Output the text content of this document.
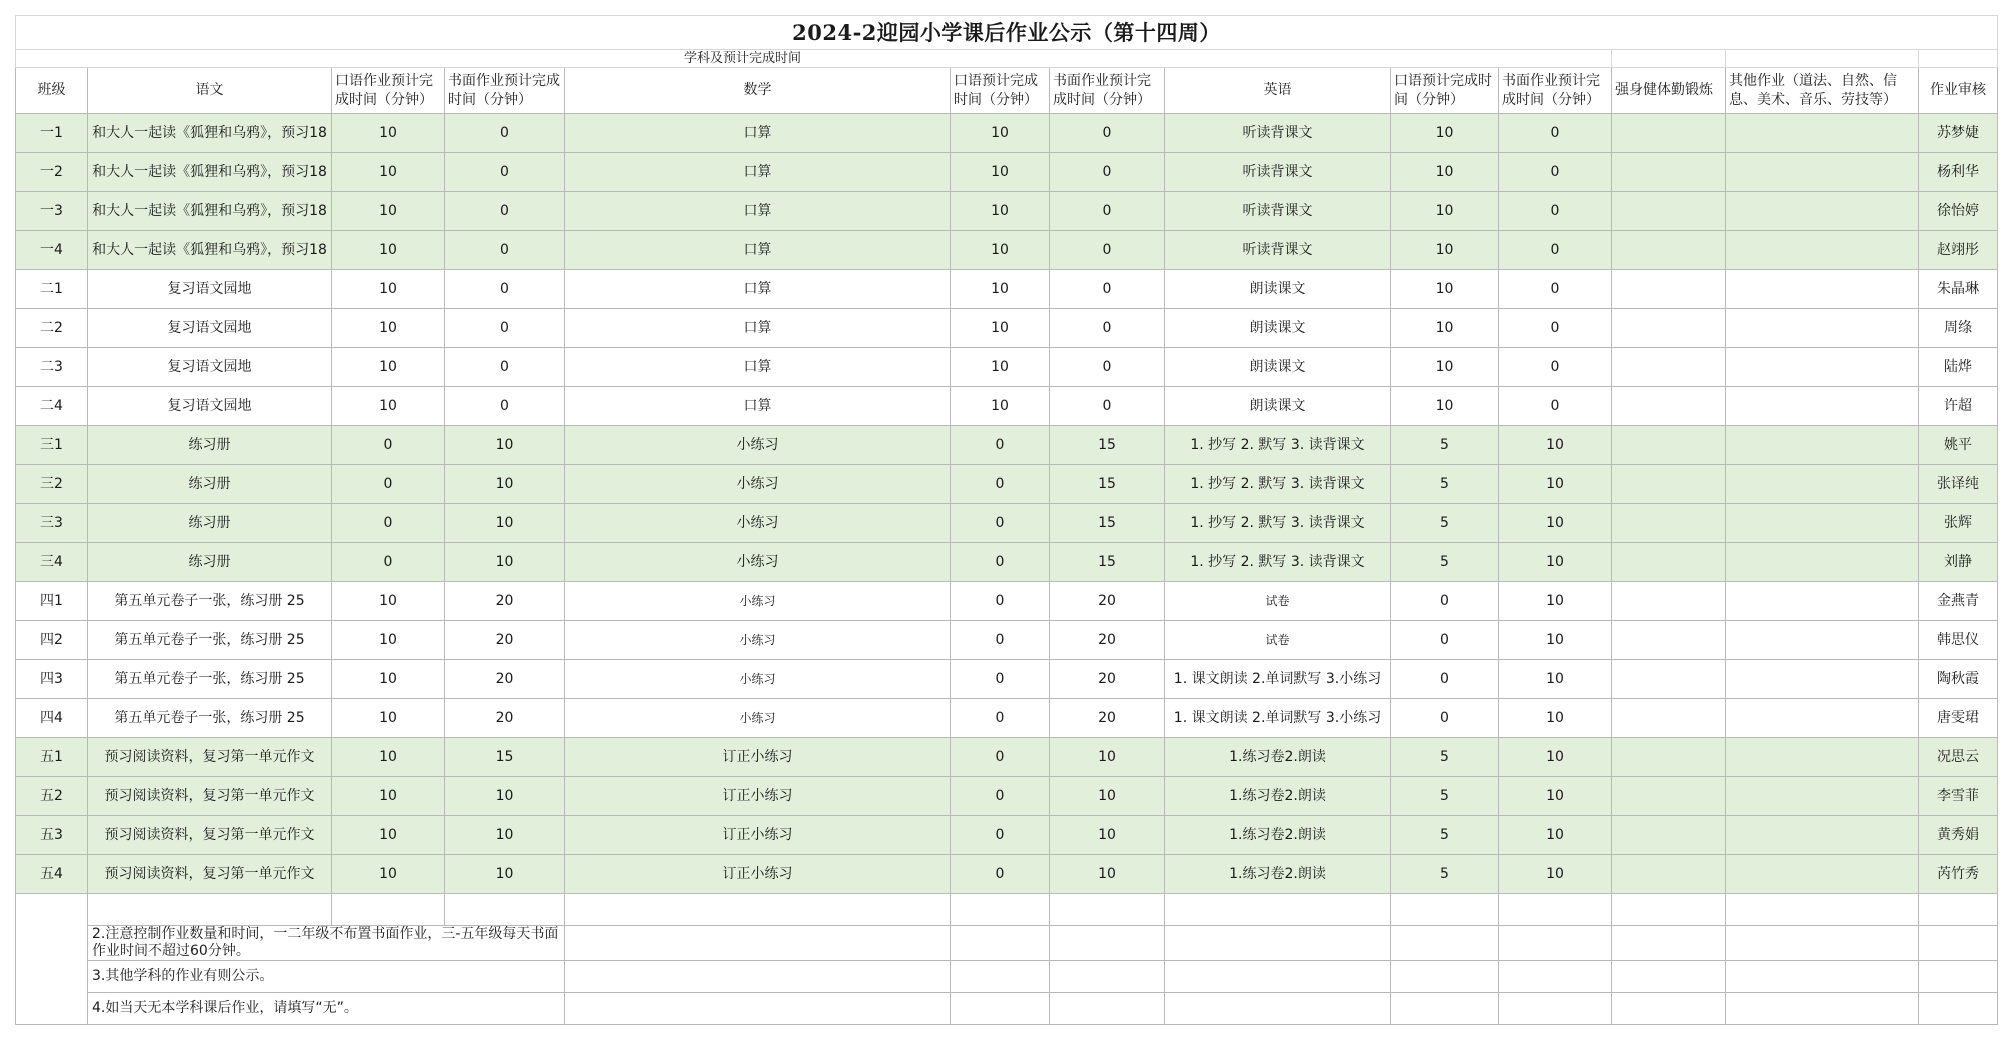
2024-2迎园小学课后作业公示（第十四周）												
学科及预计完成时间												
班级	语文	口语作业预计完成时间（分钟）	书面作业预计完成时间（分钟）	数学	口语预计完成时间（分钟）	书面作业预计完成时间（分钟）	英语	口语预计完成时间（分钟）	书面作业预计完成时间（分钟）	强身健体勤锻炼	其他作业（道法、自然、信息、美术、音乐、劳技等）	作业审核
一1	和大人一起读《狐狸和乌鸦》，预习18	10	0	口算	10	0	听读背课文	10	0			苏梦婕
一2	和大人一起读《狐狸和乌鸦》，预习18	10	0	口算	10	0	听读背课文	10	0			杨利华
一3	和大人一起读《狐狸和乌鸦》，预习18	10	0	口算	10	0	听读背课文	10	0			徐怡婷
一4	和大人一起读《狐狸和乌鸦》，预习18	10	0	口算	10	0	听读背课文	10	0			赵翊彤
二1	复习语文园地	10	0	口算	10	0	朗读课文	10	0			朱晶琳
二2	复习语文园地	10	0	口算	10	0	朗读课文	10	0			周绦
二3	复习语文园地	10	0	口算	10	0	朗读课文	10	0			陆烨
二4	复习语文园地	10	0	口算	10	0	朗读课文	10	0			许超
三1	练习册	0	10	小练习	0	15	1. 抄写 2. 默写 3. 读背课文	5	10			姚平
三2	练习册	0	10	小练习	0	15	1. 抄写 2. 默写 3. 读背课文	5	10			张译纯
三3	练习册	0	10	小练习	0	15	1. 抄写 2. 默写 3. 读背课文	5	10			张辉
三4	练习册	0	10	小练习	0	15	1. 抄写 2. 默写 3. 读背课文	5	10			刘静
四1	第五单元卷子一张，练习册 25	10	20	小练习	0	20	试卷	0	10			金燕青
四2	第五单元卷子一张，练习册 25	10	20	小练习	0	20	试卷	0	10			韩思仪
四3	第五单元卷子一张，练习册 25	10	20	小练习	0	20	1. 课文朗读 2.单词默写 3.小练习	0	10			陶秋霞
四4	第五单元卷子一张，练习册 25	10	20	小练习	0	20	1. 课文朗读 2.单词默写 3.小练习	0	10			唐雯珺
五1	预习阅读资料，复习第一单元作文	10	15	订正小练习	0	10	1.练习卷2.朗读	5	10			况思云
五2	预习阅读资料，复习第一单元作文	10	10	订正小练习	0	10	1.练习卷2.朗读	5	10			李雪菲
五3	预习阅读资料，复习第一单元作文	10	10	订正小练习	0	10	1.练习卷2.朗读	5	10			黄秀娟
五4	预习阅读资料，复习第一单元作文	10	10	订正小练习	0	10	1.练习卷2.朗读	5	10			芮竹秀

	2.注意控制作业数量和时间，一二年级不布置书面作业，三-五年级每天书面作业时间不超过60分钟。											
	3.其他学科的作业有则公示。											
	4.如当天无本学科课后作业，请填写“无”。											
